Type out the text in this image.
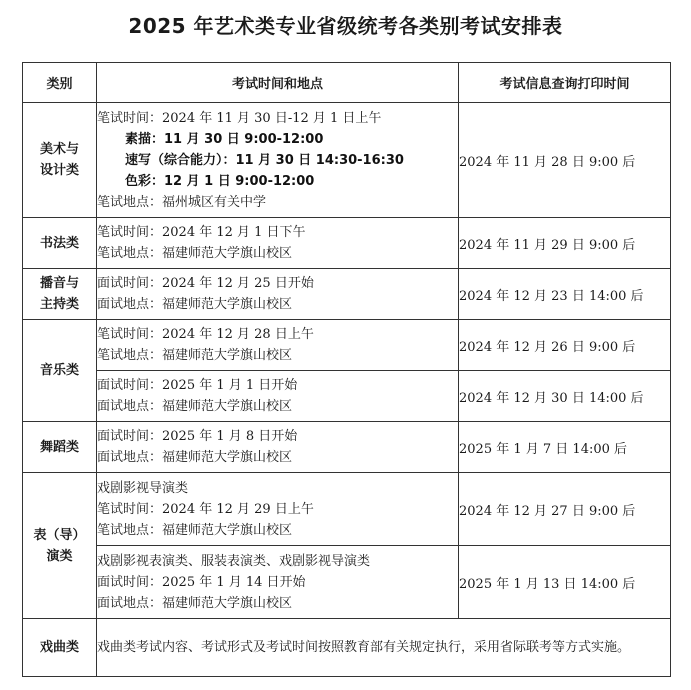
2025 年艺术类专业省级统考各类别考试安排表
类别	考试时间和地点	考试信息查询打印时间

美术与
设计类	笔试时间：2024 年 11 月 30 日-12 月 1 日上午
素描：11 月 30 日 9:00-12:00
速写（综合能力）：11 月 30 日 14:30-16:30
色彩：12 月 1 日 9:00-12:00
笔试地点：福州城区有关中学	2024 年 11 月 28 日 9:00 后
书法类	笔试时间：2024 年 12 月 1 日下午
笔试地点：福建师范大学旗山校区	2024 年 11 月 29 日 9:00 后

播音与
主持类	面试时间：2024 年 12 月 25 日开始
面试地点：福建师范大学旗山校区	2024 年 12 月 23 日 14:00 后
音乐类	笔试时间：2024 年 12 月 28 日上午
笔试地点：福建师范大学旗山校区	2024 年 12 月 26 日 9:00 后

	面试时间：2025 年 1 月 1 日开始
面试地点：福建师范大学旗山校区	2024 年 12 月 30 日 14:00 后
舞蹈类	面试时间：2025 年 1 月 8 日开始
面试地点：福建师范大学旗山校区	2025 年 1 月 7 日 14:00 后

表（导）
演类	戏剧影视导演类
笔试时间：2024 年 12 月 29 日上午
笔试地点：福建师范大学旗山校区	2024 年 12 月 27 日 9:00 后

	戏剧影视表演类、服装表演类、戏剧影视导演类
面试时间：2025 年 1 月 14 日开始
面试地点：福建师范大学旗山校区	2025 年 1 月 13 日 14:00 后
戏曲类	戏曲类考试内容、考试形式及考试时间按照教育部有关规定执行，采用省际联考等方式实施。	
